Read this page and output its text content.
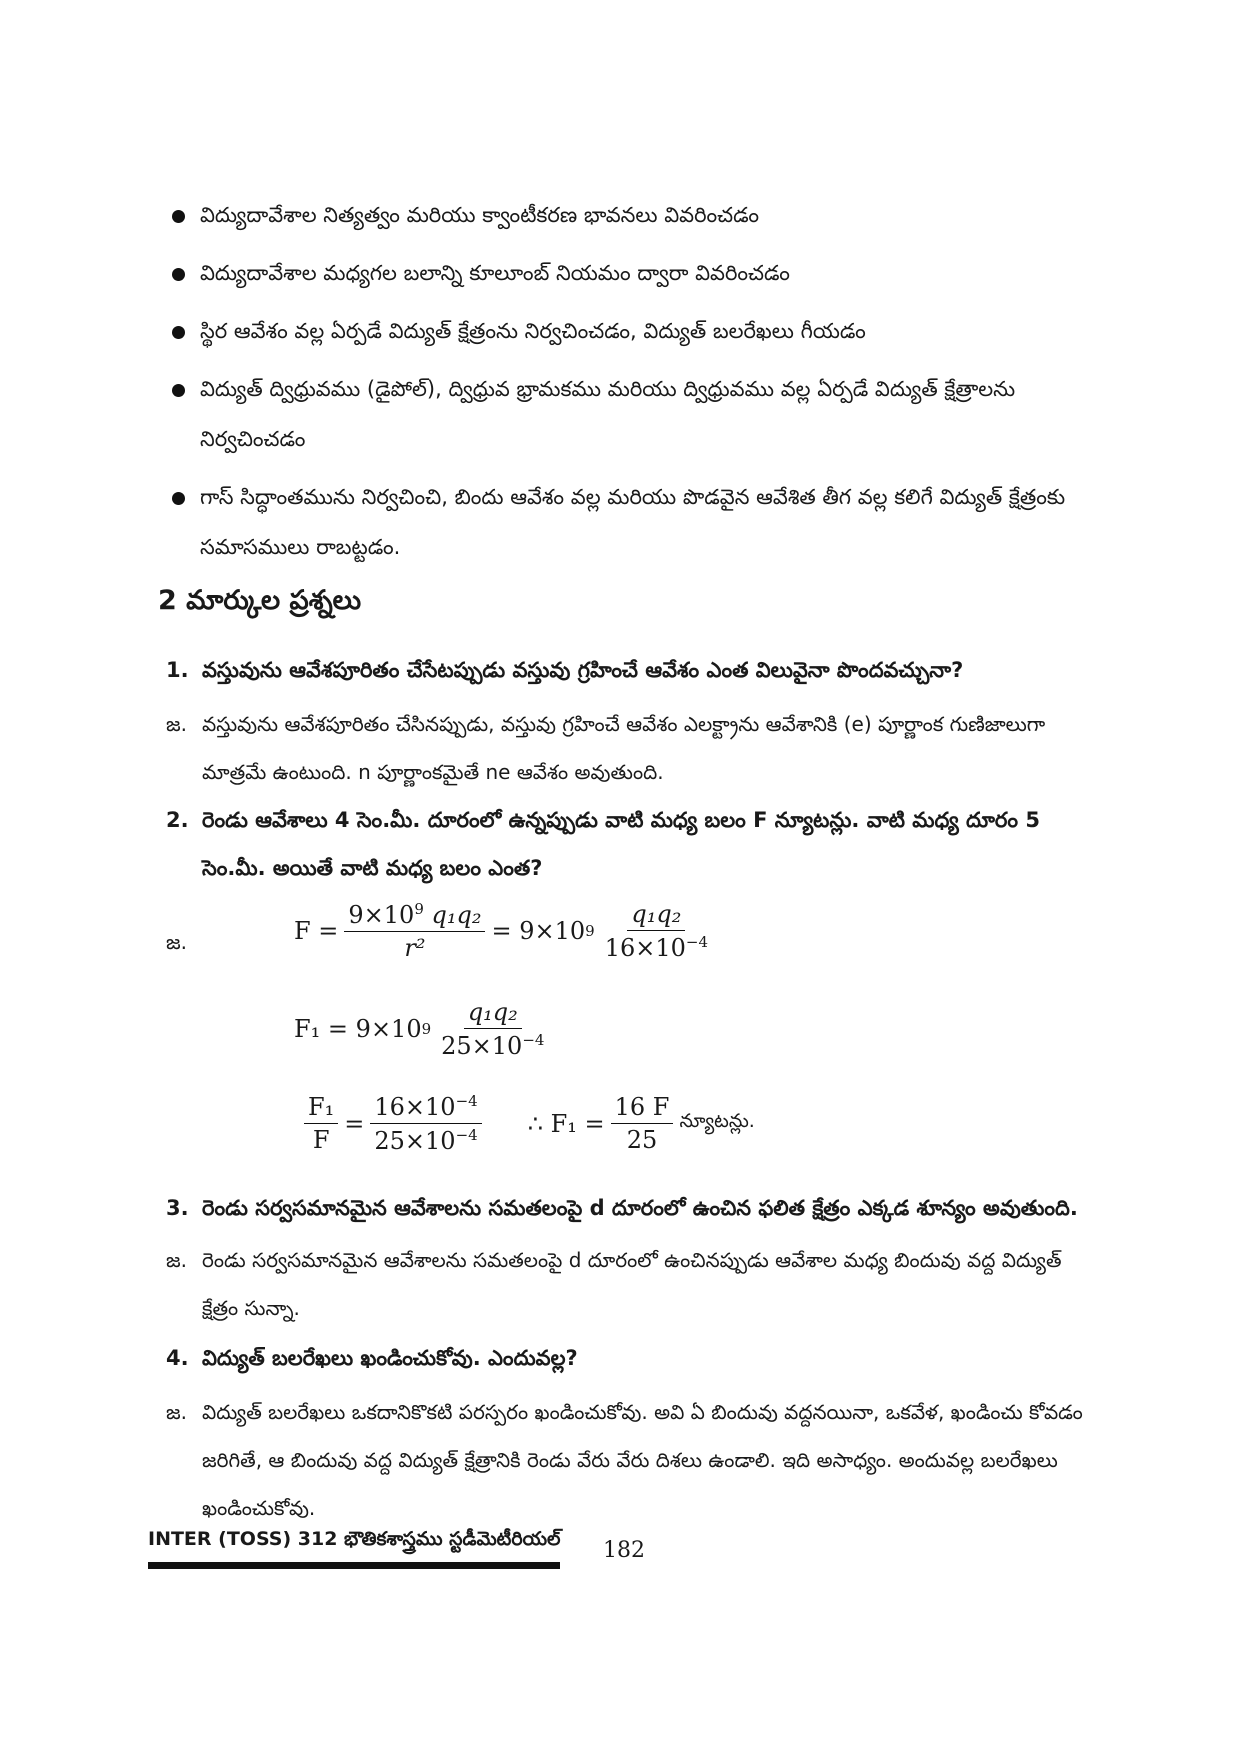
విద్యుదావేశాల నిత్యత్వం మరియు క్వాంటీకరణ భావనలు వివరించడం
విద్యుదావేశాల మధ్యగల బలాన్ని కూలూంబ్ నియమం ద్వారా వివరించడం
స్థిర ఆవేశం వల్ల ఏర్పడే విద్యుత్ క్షేత్రంను నిర్వచించడం, విద్యుత్ బలరేఖలు గీయడం
విద్యుత్ ద్విధ్రువము (డైపోల్), ద్విధ్రువ భ్రామకము మరియు ద్విధ్రువము వల్ల ఏర్పడే విద్యుత్ క్షేత్రాలను నిర్వచించడం
గాస్ సిద్ధాంతమును నిర్వచించి, బిందు ఆవేశం వల్ల మరియు పొడవైన ఆవేశిత తీగ వల్ల కలిగే విద్యుత్ క్షేత్రంకు సమాసములు రాబట్టడం.
2 మార్కుల ప్రశ్నలు
1. వస్తువును ఆవేశపూరితం చేసేటప్పుడు వస్తువు గ్రహించే ఆవేశం ఎంత విలువైనా పొందవచ్చునా?
జ. వస్తువును ఆవేశపూరితం చేసినప్పుడు, వస్తువు గ్రహించే ఆవేశం ఎలక్ట్రాను ఆవేశానికి (e) పూర్ణాంక గుణిజాలుగా మాత్రమే ఉంటుంది. n పూర్ణాంకమైతే ne ఆవేశం అవుతుంది.
2. రెండు ఆవేశాలు 4 సెం.మీ. దూరంలో ఉన్నప్పుడు వాటి మధ్య బలం F న్యూటన్లు. వాటి మధ్య దూరం 5 సెం.మీ. అయితే వాటి మధ్య బలం ఎంత?
జ.	F
= $\frac{9\times 10^9 q_1q_2}{\text{r²}}$ =
9×10 $9 \frac{\text{q₁q₂}}{16\times 10^{-4}}$
F₁
=
9×10 $9 \frac{\text{q₁q₂}}{25\times 10^{-4}}$
$\frac{\text{F₁}}{F} = \frac{16\times 10^{-4}}{25\times 10^{-4}}$ ∴ $F_1 = \frac{16 F}{25}$ న్యూటన్లు.
3. రెండు సర్వసమానమైన ఆవేశాలను సమతలంపై d దూరంలో ఉంచిన ఫలిత క్షేత్రం ఎక్కడ శూన్యం అవుతుంది.
జ. రెండు సర్వసమానమైన ఆవేశాలను సమతలంపై d దూరంలో ఉంచినప్పుడు ఆవేశాల మధ్య బిందువు వద్ద విద్యుత్ క్షేత్రం సున్నా.
4. విద్యుత్ బలరేఖలు ఖండించుకోవు. ఎందువల్ల?
జ. విద్యుత్ బలరేఖలు ఒకదానికొకటి పరస్పరం ఖండించుకోవు. అవి ఏ బిందువు వద్దనయినా, ఒకవేళ, ఖండించు కోవడం జరిగితే, ఆ బిందువు వద్ద విద్యుత్ క్షేత్రానికి రెండు వేరు వేరు దిశలు ఉండాలి. ఇది అసాధ్యం. అందువల్ల బలరేఖలు ఖండించుకోవు.
INTER (TOSS) 312 భౌతికశాస్త్రము స్టడీమెటీరియల్ 182
